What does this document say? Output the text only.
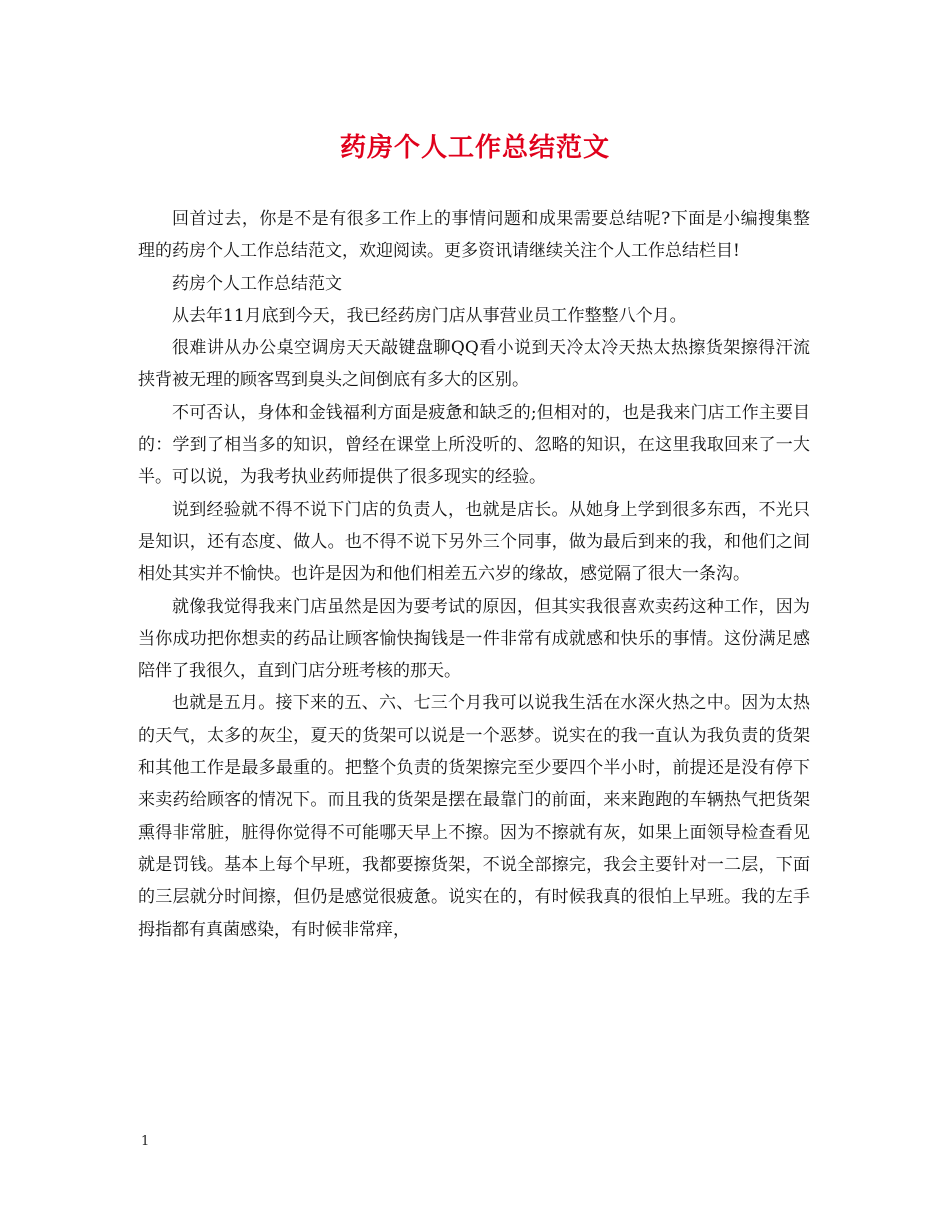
药房个人工作总结范文

回首过去，你是不是有很多工作上的事情问题和成果需要总结呢?下面是小编搜集整理的药房个人工作总结范文，欢迎阅读。更多资讯请继续关注个人工作总结栏目!

药房个人工作总结范文

从去年11月底到今天，我已经药房门店从事营业员工作整整八个月。

很难讲从办公桌空调房天天敲键盘聊QQ看小说到天冷太冷天热太热擦货架擦得汗流挟背被无理的顾客骂到臭头之间倒底有多大的区别。

不可否认，身体和金钱福利方面是疲惫和缺乏的;但相对的，也是我来门店工作主要目的：学到了相当多的知识，曾经在课堂上所没听的、忽略的知识，在这里我取回来了一大半。可以说，为我考执业药师提供了很多现实的经验。

说到经验就不得不说下门店的负责人，也就是店长。从她身上学到很多东西，不光只是知识，还有态度、做人。也不得不说下另外三个同事，做为最后到来的我，和他们之间相处其实并不愉快。也许是因为和他们相差五六岁的缘故，感觉隔了很大一条沟。

就像我觉得我来门店虽然是因为要考试的原因，但其实我很喜欢卖药这种工作，因为当你成功把你想卖的药品让顾客愉快掏钱是一件非常有成就感和快乐的事情。这份满足感陪伴了我很久，直到门店分班考核的那天。

也就是五月。接下来的五、六、七三个月我可以说我生活在水深火热之中。因为太热的天气，太多的灰尘，夏天的货架可以说是一个恶梦。说实在的我一直认为我负责的货架和其他工作是最多最重的。把整个负责的货架擦完至少要四个半小时，前提还是没有停下来卖药给顾客的情况下。而且我的货架是摆在最靠门的前面，来来跑跑的车辆热气把货架熏得非常脏，脏得你觉得不可能哪天早上不擦。因为不擦就有灰，如果上面领导检查看见就是罚钱。基本上每个早班，我都要擦货架，不说全部擦完，我会主要针对一二层，下面的三层就分时间擦，但仍是感觉很疲惫。说实在的，有时候我真的很怕上早班。我的左手拇指都有真菌感染，有时候非常痒，

1
